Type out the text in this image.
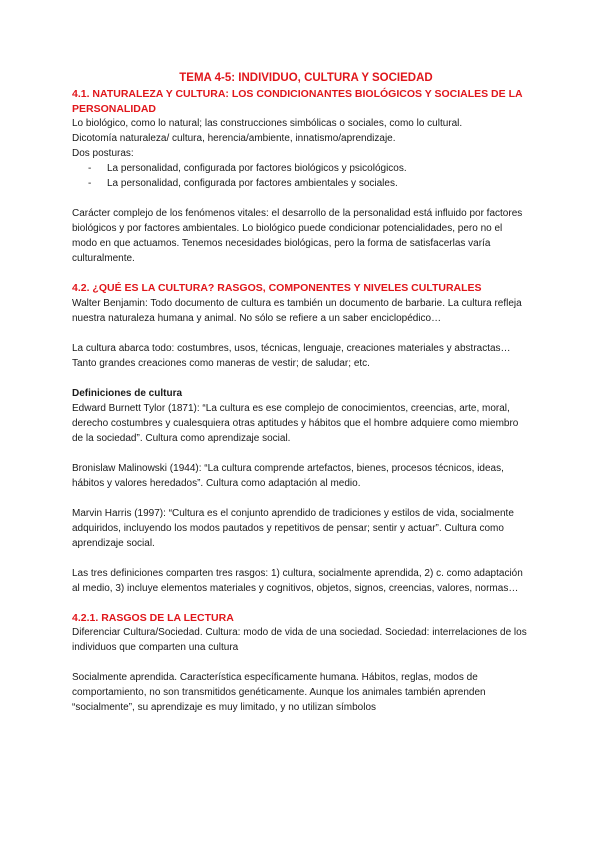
TEMA 4-5: INDIVIDUO, CULTURA Y SOCIEDAD

4.1. NATURALEZA Y CULTURA: LOS CONDICIONANTES BIOLÓGICOS Y SOCIALES DE LA PERSONALIDAD

Lo biológico, como lo natural; las construcciones simbólicas o sociales, como lo cultural.

Dicotomía naturaleza/ cultura, herencia/ambiente, innatismo/aprendizaje.

Dos posturas:

- La personalidad, configurada por factores biológicos y psicológicos.
- La personalidad, configurada por factores ambientales y sociales.

Carácter complejo de los fenómenos vitales: el desarrollo de la personalidad está influido por factores biológicos y por factores ambientales. Lo biológico puede condicionar potencialidades, pero no el modo en que actuamos. Tenemos necesidades biológicas, pero la forma de satisfacerlas varía culturalmente.

4.2. ¿QUÉ ES LA CULTURA? RASGOS, COMPONENTES Y NIVELES CULTURALES

Walter Benjamin: Todo documento de cultura es también un documento de barbarie. La cultura refleja nuestra naturaleza humana y animal. No sólo se refiere a un saber enciclopédico…

La cultura abarca todo: costumbres, usos, técnicas, lenguaje, creaciones materiales y abstractas… Tanto grandes creaciones como maneras de vestir; de saludar; etc.

Definiciones de cultura

Edward Burnett Tylor (1871): “La cultura es ese complejo de conocimientos, creencias, arte, moral, derecho costumbres y cualesquiera otras aptitudes y hábitos que el hombre adquiere como miembro de la sociedad”. Cultura como aprendizaje social.

Bronislaw Malinowski (1944): “La cultura comprende artefactos, bienes, procesos técnicos, ideas, hábitos y valores heredados”. Cultura como adaptación al medio.

Marvin Harris (1997): “Cultura es el conjunto aprendido de tradiciones y estilos de vida, socialmente adquiridos, incluyendo los modos pautados y repetitivos de pensar; sentir y actuar”. Cultura como aprendizaje social.

Las tres definiciones comparten tres rasgos: 1) cultura, socialmente aprendida, 2) c. como adaptación al medio, 3) incluye elementos materiales y cognitivos, objetos, signos, creencias, valores, normas…

4.2.1. RASGOS DE LA LECTURA

Diferenciar Cultura/Sociedad. Cultura: modo de vida de una sociedad. Sociedad: interrelaciones de los individuos que comparten una cultura

Socialmente aprendida. Característica específicamente humana. Hábitos, reglas, modos de comportamiento, no son transmitidos genéticamente. Aunque los animales también aprenden “socialmente”, su aprendizaje es muy limitado, y no utilizan símbolos
